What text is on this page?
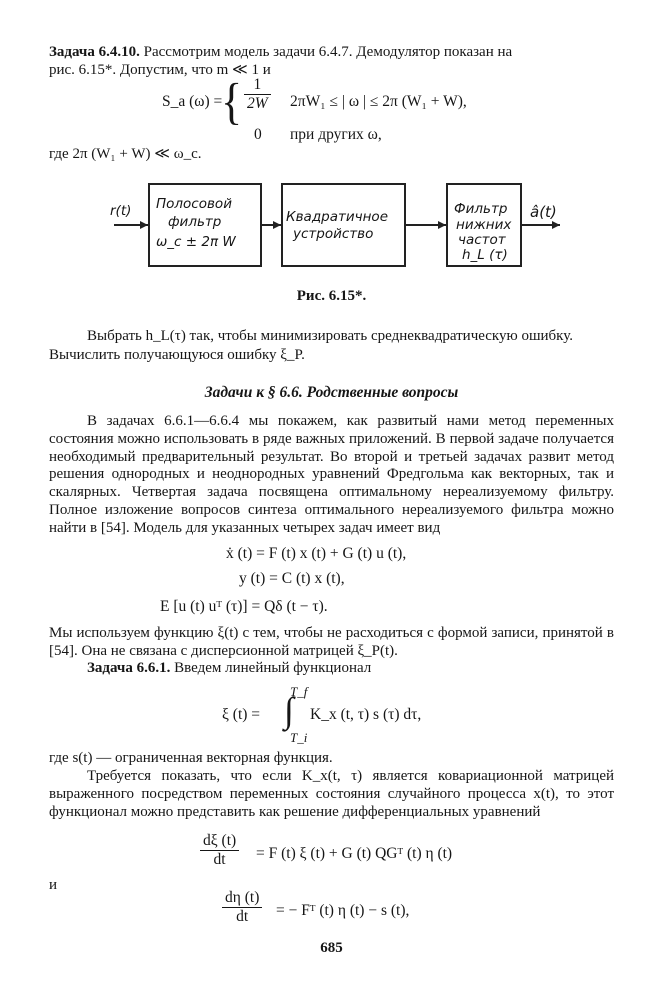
Задача 6.4.10. Рассмотрим модель задачи 6.4.7. Демодулятор показан на

рис. 6.15*. Допустим, что m ≪ 1 и

S_a (ω) =
{ $\frac{1}{2W} 2\pi W_1$ ≤ | ω | ≤ 2π (W₁ + W),
0 при других ω,

где 2π (W₁ + W) ≪ ω_c.

r(t) Полосовой
фильтр
ω_c ± 2π W
Квадратичное
устройство
Фильтр
нижних
частот
h_L (τ)
â(t)
Рис. 6.15*.

Выбрать h_L(τ) так, чтобы минимизировать среднеквадратическую ошибку.

Вычислить получающуюся ошибку ξ_P.

Задачи к § 6.6. Родственные вопросы

В задачах 6.6.1—6.6.4 мы покажем, как развитый нами метод переменных состояния можно использовать в ряде важных приложений. В первой задаче получается необходимый предварительный результат. Во второй и третьей задачах развит метод решения однородных и неоднородных уравнений Фредгольма как векторных, так и скалярных. Четвертая задача посвящена оптимальному нереализуемому фильтру. Полное изложение вопросов синтеза оптимального нереализуемого фильтра можно найти в [54]. Модель для указанных четырех задач имеет вид

ẋ (t) = F (t) x (t) + G (t) u (t),
y (t) = C (t) x (t),
E [u (t) uᵀ (τ)] = Qδ (t − τ).

Мы используем функцию ξ(t) с тем, чтобы не расходиться с формой записи, принятой в [54]. Она не связана с дисперсионной матрицей ξ_P(t).

Задача 6.6.1. Введем линейный функционал

ξ (t) =
T_f
∫
T_i
K_x (t, τ) s (τ) dτ,

где s(t) — ограниченная векторная функция.

Требуется показать, что если K_x(t, τ) является ковариационной матрицей выраженного посредством переменных состояния случайного процесса x(t), то этот функционал можно представить как решение дифференциальных уравнений

$\frac{d\xi (t)}{dt} = F$ (t) ξ (t) + G (t) QGᵀ (t) η (t)

и

$\frac{d\eta (t)}{dt}$ = − Fᵀ (t) η (t) − s (t),
685
